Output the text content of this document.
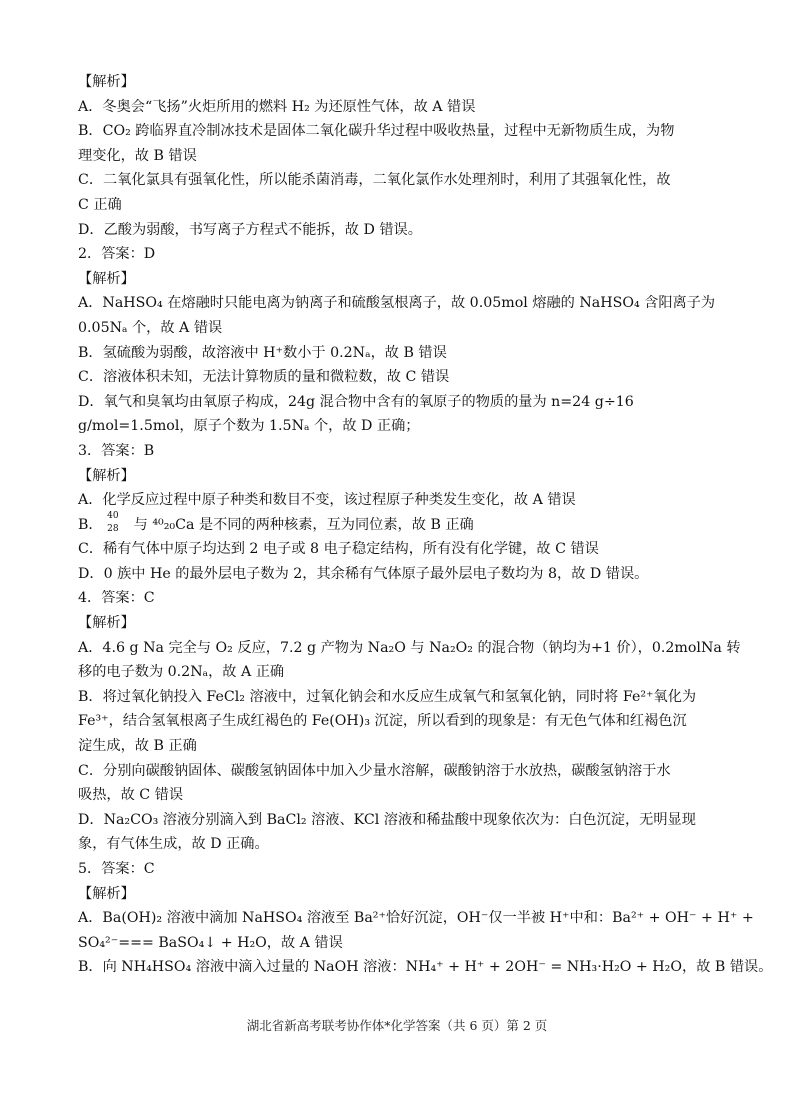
【解析】
A．冬奥会“飞扬”火炬所用的燃料 H₂ 为还原性气体，故 A 错误
B．CO₂ 跨临界直冷制冰技术是固体二氧化碳升华过程中吸收热量，过程中无新物质生成，为物
理变化，故 B 错误
C．二氧化氯具有强氧化性，所以能杀菌消毒，二氧化氯作水处理剂时，利用了其强氧化性，故
C 正确
D．乙酸为弱酸，书写离子方程式不能拆，故 D 错误。
2．答案：D
【解析】
A．NaHSO₄ 在熔融时只能电离为钠离子和硫酸氢根离子，故 0.05mol 熔融的 NaHSO₄ 含阳离子为
0.05Nₐ 个，故 A 错误
B．氢硫酸为弱酸，故溶液中 H⁺数小于 0.2Nₐ，故 B 错误
C．溶液体积未知，无法计算物质的量和微粒数，故 C 错误
D．氧气和臭氧均由氧原子构成，24g 混合物中含有的氧原子的物质的量为 n=24 g÷16
g/mol=1.5mol，原子个数为 1.5Nₐ 个，故 D 正确；
3．答案：B
【解析】
A．化学反应过程中原子种类和数目不变，该过程原子种类发生变化，故 A 错误
B．
40
28 与 ⁴⁰₂₀Ca 是不同的两种核素，互为同位素，故 B 正确
C．稀有气体中原子均达到 2 电子或 8 电子稳定结构，所有没有化学键，故 C 错误
D．0 族中 He 的最外层电子数为 2，其余稀有气体原子最外层电子数均为 8，故 D 错误。
4．答案：C
【解析】
A．4.6 g Na 完全与 O₂ 反应，7.2 g 产物为 Na₂O 与 Na₂O₂ 的混合物（钠均为+1 价），0.2molNa 转
移的电子数为 0.2Nₐ，故 A 正确
B．将过氧化钠投入 FeCl₂ 溶液中，过氧化钠会和水反应生成氧气和氢氧化钠，同时将 Fe²⁺氧化为
Fe³⁺，结合氢氧根离子生成红褐色的 Fe(OH)₃ 沉淀，所以看到的现象是：有无色气体和红褐色沉
淀生成，故 B 正确
C．分别向碳酸钠固体、碳酸氢钠固体中加入少量水溶解，碳酸钠溶于水放热，碳酸氢钠溶于水
吸热，故 C 错误
D．Na₂CO₃ 溶液分别滴入到 BaCl₂ 溶液、KCl 溶液和稀盐酸中现象依次为：白色沉淀，无明显现
象，有气体生成，故 D 正确。
5．答案：C
【解析】
A．Ba(OH)₂ 溶液中滴加 NaHSO₄ 溶液至 Ba²⁺恰好沉淀，OH⁻仅一半被 H⁺中和：Ba²⁺ + OH⁻ + H⁺ +
SO₄²⁻=== BaSO₄↓ + H₂O，故 A 错误
B．向 NH₄HSO₄ 溶液中滴入过量的 NaOH 溶液：NH₄⁺ + H⁺ + 2OH⁻ = NH₃·H₂O + H₂O，故 B 错误。
湖北省新高考联考协作体*化学答案（共 6 页）第 2 页
